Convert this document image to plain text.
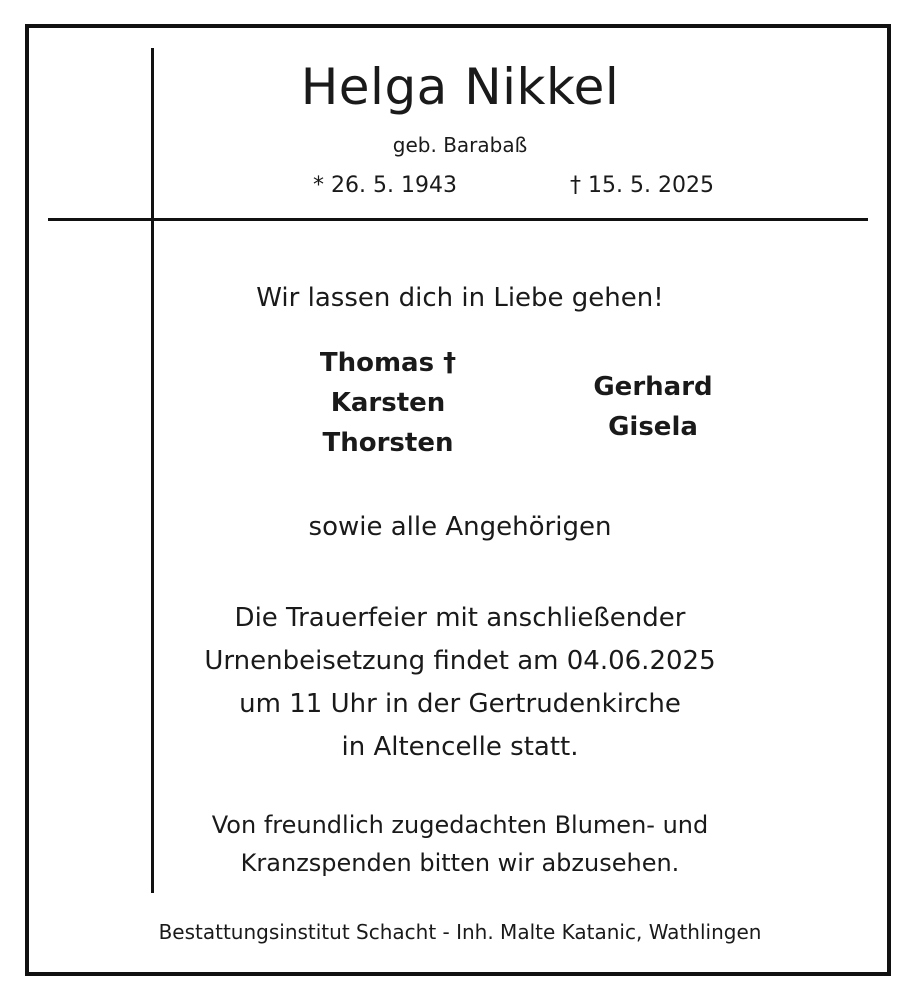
Helga Nikkel
geb. Barabaß
* 26. 5. 1943	† 15. 5. 2025
Wir lassen dich in Liebe gehen!
Thomas †
Karsten
Thorsten
Gerhard
Gisela
sowie alle Angehörigen
Die Trauerfeier mit anschließender
Urnenbeisetzung findet am 04.06.2025
um 11 Uhr in der Gertrudenkirche
in Altencelle statt.
Von freundlich zugedachten Blumen- und
Kranzspenden bitten wir abzusehen.
Bestattungsinstitut Schacht - Inh. Malte Katanic, Wathlingen
